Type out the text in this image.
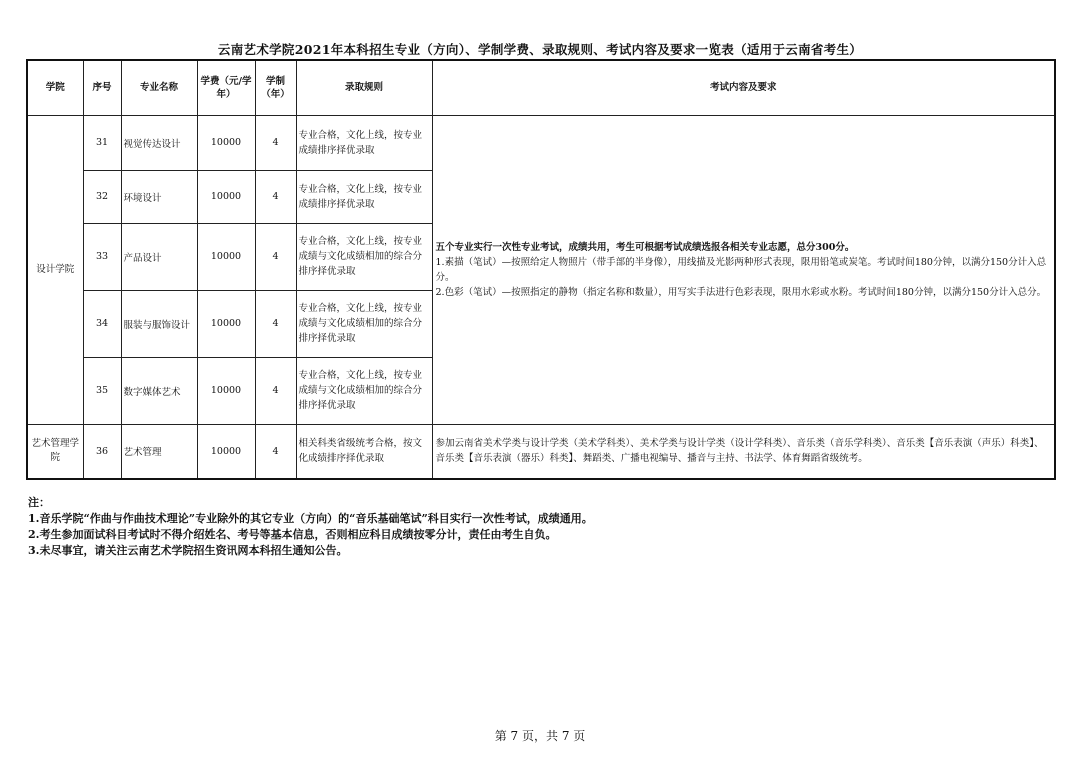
云南艺术学院2021年本科招生专业（方向）、学制学费、录取规则、考试内容及要求一览表（适用于云南省考生）
学院	序号	专业名称	学费（元/学年）	学制（年）	录取规则	考试内容及要求
设计学院	31	视觉传达设计	10000	4	专业合格，文化上线，按专业成绩排序择优录取	五个专业实行一次性专业考试，成绩共用，考生可根据考试成绩选报各相关专业志愿，总分300分。
1.素描（笔试）—按照给定人物照片（带手部的半身像），用线描及光影两种形式表现，限用铅笔或炭笔。考试时间180分钟，以满分150分计入总分。
2.色彩（笔试）—按照指定的静物（指定名称和数量），用写实手法进行色彩表现，限用水彩或水粉。考试时间180分钟，以满分150分计入总分。

	32	环境设计	10000	4	专业合格，文化上线，按专业成绩排序择优录取	
	33	产品设计	10000	4	专业合格，文化上线，按专业成绩与文化成绩相加的综合分排序择优录取	
	34	服装与服饰设计	10000	4	专业合格，文化上线，按专业成绩与文化成绩相加的综合分排序择优录取	
	35	数字媒体艺术	10000	4	专业合格，文化上线，按专业成绩与文化成绩相加的综合分排序择优录取	
艺术管理学院	36	艺术管理	10000	4	相关科类省级统考合格，按文化成绩排序择优录取	参加云南省美术学类与设计学类（美术学科类）、美术学类与设计学类（设计学科类）、音乐类（音乐学科类）、音乐类【音乐表演（声乐）科类】、音乐类【音乐表演（器乐）科类】、舞蹈类、广播电视编导、播音与主持、书法学、体育舞蹈省级统考。
注：
1.音乐学院“作曲与作曲技术理论”专业除外的其它专业（方向）的“音乐基础笔试”科目实行一次性考试，成绩通用。
2.考生参加面试科目考试时不得介绍姓名、考号等基本信息，否则相应科目成绩按零分计，责任由考生自负。
3.未尽事宜，请关注云南艺术学院招生资讯网本科招生通知公告。
第 7 页，共 7 页
